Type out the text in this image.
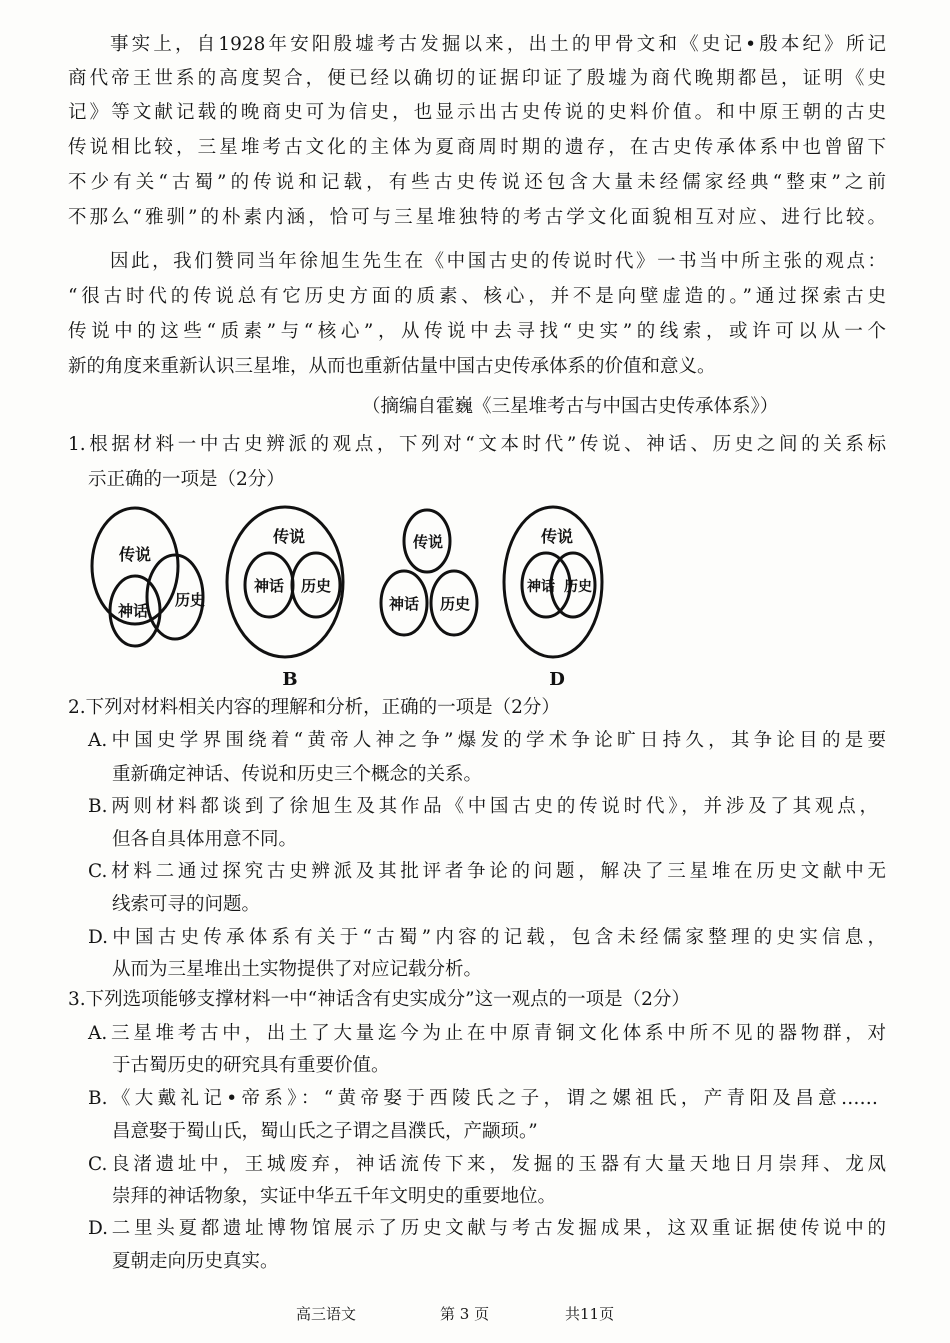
事实上，自1928年安阳殷墟考古发掘以来，出土的甲骨文和《史记•殷本纪》所记
商代帝王世系的高度契合，便已经以确切的证据印证了殷墟为商代晚期都邑，证明《史
记》等文献记载的晚商史可为信史，也显示出古史传说的史料价值。和中原王朝的古史
传说相比较，三星堆考古文化的主体为夏商周时期的遗存，在古史传承体系中也曾留下
不少有关“古蜀”的传说和记载，有些古史传说还包含大量未经儒家经典“整束”之前
不那么“雅驯”的朴素内涵，恰可与三星堆独特的考古学文化面貌相互对应、进行比较。
因此，我们赞同当年徐旭生先生在《中国古史的传说时代》一书当中所主张的观点：
“很古时代的传说总有它历史方面的质素、核心，并不是向壁虚造的。”通过探索古史
传说中的这些“质素”与“核心”，从传说中去寻找“史实”的线索，或许可以从一个
新的角度来重新认识三星堆，从而也重新估量中国古史传承体系的价值和意义。
（摘编自霍巍《三星堆考古与中国古史传承体系》）
1.根据材料一中古史辨派的观点，下列对“文本时代”传说、神话、历史之间的关系标
示正确的一项是（2分）
传说
神话
历史
传说
神话 历史
B
传说
神话 历史
传说
神话 历史
D
2.下列对材料相关内容的理解和分析，正确的一项是（2分）
A.中国史学界围绕着“黄帝人神之争”爆发的学术争论旷日持久，其争论目的是要
重新确定神话、传说和历史三个概念的关系。
B.两则材料都谈到了徐旭生及其作品《中国古史的传说时代》，并涉及了其观点，
但各自具体用意不同。
C.材料二通过探究古史辨派及其批评者争论的问题，解决了三星堆在历史文献中无
线索可寻的问题。
D.中国古史传承体系有关于“古蜀”内容的记载，包含未经儒家整理的史实信息，
从而为三星堆出土实物提供了对应记载分析。
3.下列选项能够支撑材料一中“神话含有史实成分”这一观点的一项是（2分）
A.三星堆考古中，出土了大量迄今为止在中原青铜文化体系中所不见的器物群，对
于古蜀历史的研究具有重要价值。
B.《大戴礼记•帝系》：“黄帝娶于西陵氏之子，谓之嫘祖氏，产青阳及昌意……
昌意娶于蜀山氏，蜀山氏之子谓之昌濮氏，产颛顼。”
C.良渚遗址中，王城废弃，神话流传下来，发掘的玉器有大量天地日月崇拜、龙凤
崇拜的神话物象，实证中华五千年文明史的重要地位。
D.二里头夏都遗址博物馆展示了历史文献与考古发掘成果，这双重证据使传说中的
夏朝走向历史真实。
高三语文	第 3 页	共11页
